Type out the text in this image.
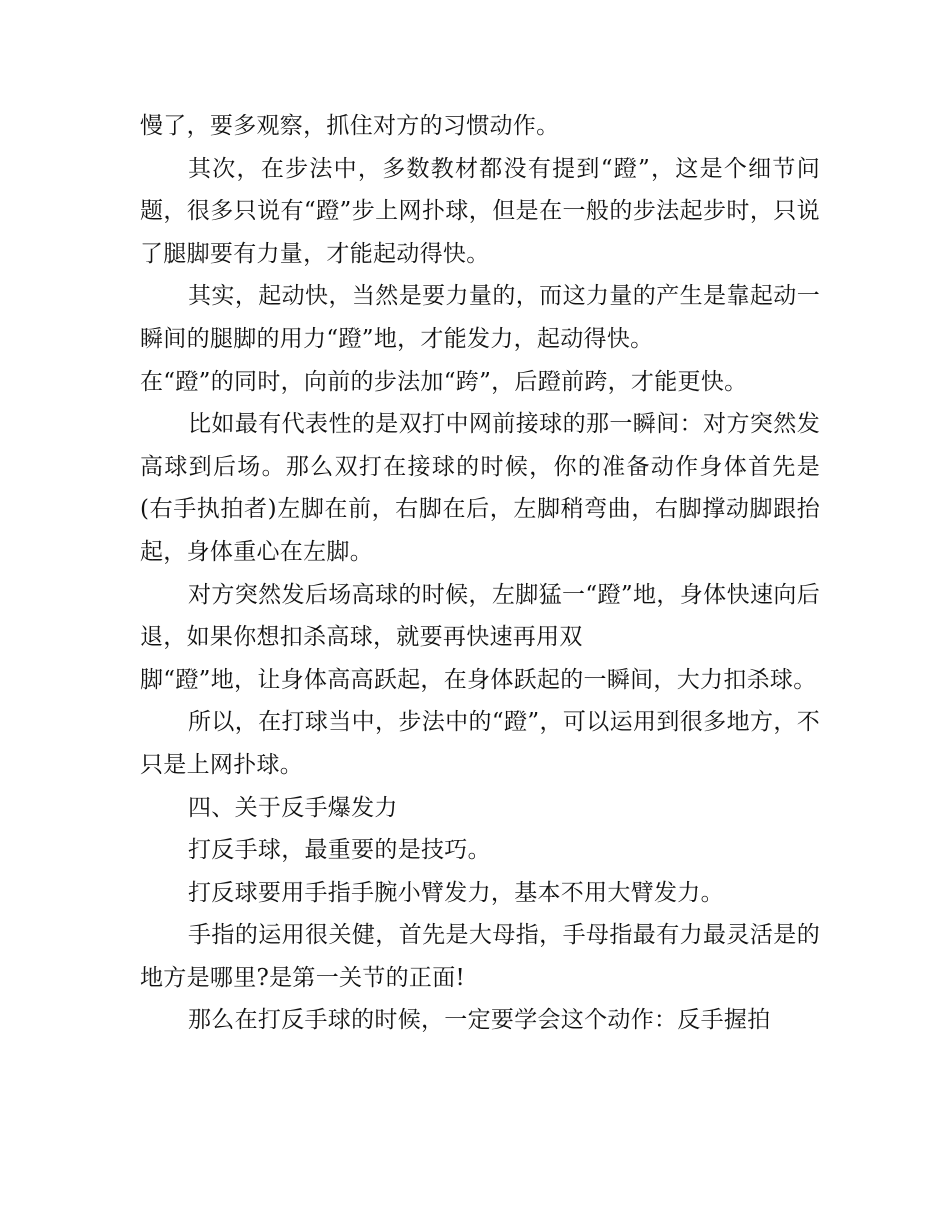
慢了，要多观察，抓住对方的习惯动作。

其次，在步法中，多数教材都没有提到“蹬”，这是个细节问题，很多只说有“蹬”步上网扑球，但是在一般的步法起步时，只说了腿脚要有力量，才能起动得快。

其实，起动快，当然是要力量的，而这力量的产生是靠起动一瞬间的腿脚的用力“蹬”地，才能发力，起动得快。

在“蹬”的同时，向前的步法加“跨”，后蹬前跨，才能更快。

比如最有代表性的是双打中网前接球的那一瞬间：对方突然发高球到后场。那么双打在接球的时候，你的准备动作身体首先是(右手执拍者)左脚在前，右脚在后，左脚稍弯曲，右脚撑动脚跟抬起，身体重心在左脚。

对方突然发后场高球的时候，左脚猛一“蹬”地，身体快速向后退，如果你想扣杀高球，就要再快速再用双

脚“蹬”地，让身体高高跃起，在身体跃起的一瞬间，大力扣杀球。

所以，在打球当中，步法中的“蹬”，可以运用到很多地方，不只是上网扑球。

四、关于反手爆发力

打反手球，最重要的是技巧。

打反球要用手指手腕小臂发力，基本不用大臂发力。

手指的运用很关健，首先是大母指，手母指最有力最灵活是的地方是哪里?是第一关节的正面!

那么在打反手球的时候，一定要学会这个动作：反手握拍
